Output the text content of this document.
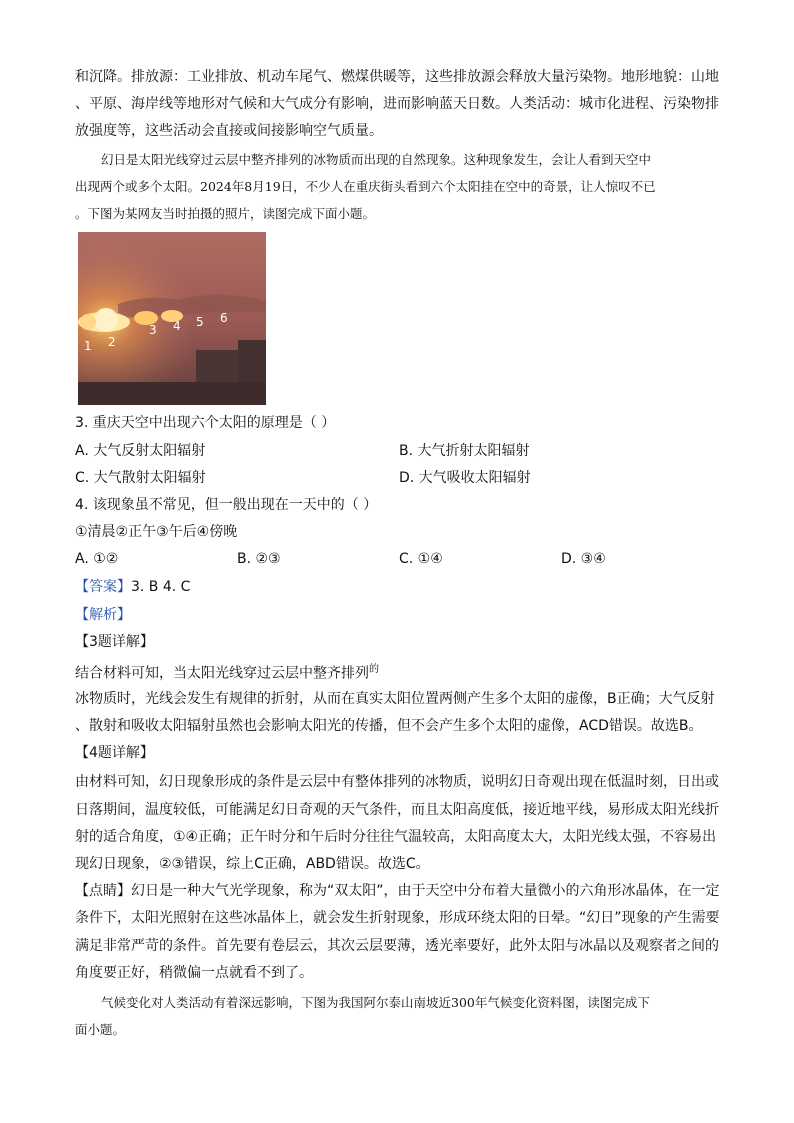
和沉降。排放源：工业排放、机动车尾气、燃煤供暖等，这些排放源会释放大量污染物。地形地貌：山地
、平原、海岸线等地形对气候和大气成分有影响，进而影响蓝天日数。人类活动：城市化进程、污染物排
放强度等，这些活动会直接或间接影响空气质量。
幻日是太阳光线穿过云层中整齐排列的冰物质而出现的自然现象。这种现象发生，会让人看到天空中
出现两个或多个太阳。2024年8月19日，不少人在重庆街头看到六个太阳挂在空中的奇景，让人惊叹不已
。下图为某网友当时拍摄的照片，读图完成下面小题。
1 2
3 4 5 6
3. 重庆天空中出现六个太阳的原理是（ ）
A. 大气反射太阳辐射	B. 大气折射太阳辐射
C. 大气散射太阳辐射	D. 大气吸收太阳辐射
4. 该现象虽不常见，但一般出现在一天中的（ ）
①清晨②正午③午后④傍晚
A. ①②	B. ②③	C. ①④	D. ③④
【答案】3. B 4. C
【解析】
【3题详解】
结合材料可知，当太阳光线穿过云层中整齐排列$^的$
冰物质时，光线会发生有规律的折射，从而在真实太阳位置两侧产生多个太阳的虚像，B正确；大气反射
、散射和吸收太阳辐射虽然也会影响太阳光的传播，但不会产生多个太阳的虚像，ACD错误。故选B。
【4题详解】
由材料可知，幻日现象形成的条件是云层中有整体排列的冰物质，说明幻日奇观出现在低温时刻，日出或
日落期间，温度较低，可能满足幻日奇观的天气条件，而且太阳高度低，接近地平线，易形成太阳光线折
射的适合角度，①④正确；正午时分和午后时分往往气温较高，太阳高度太大，太阳光线太强，不容易出
现幻日现象，②③错误，综上C正确，ABD错误。故选C。
【点睛】幻日是一种大气光学现象，称为“双太阳”，由于天空中分布着大量微小的六角形冰晶体，在一定
条件下，太阳光照射在这些冰晶体上，就会发生折射现象，形成环绕太阳的日晕。“幻日”现象的产生需要
满足非常严苛的条件。首先要有卷层云，其次云层要薄，透光率要好，此外太阳与冰晶以及观察者之间的
角度要正好，稍微偏一点就看不到了。
气候变化对人类活动有着深远影响，下图为我国阿尔泰山南坡近300年气候变化资料图，读图完成下
面小题。
